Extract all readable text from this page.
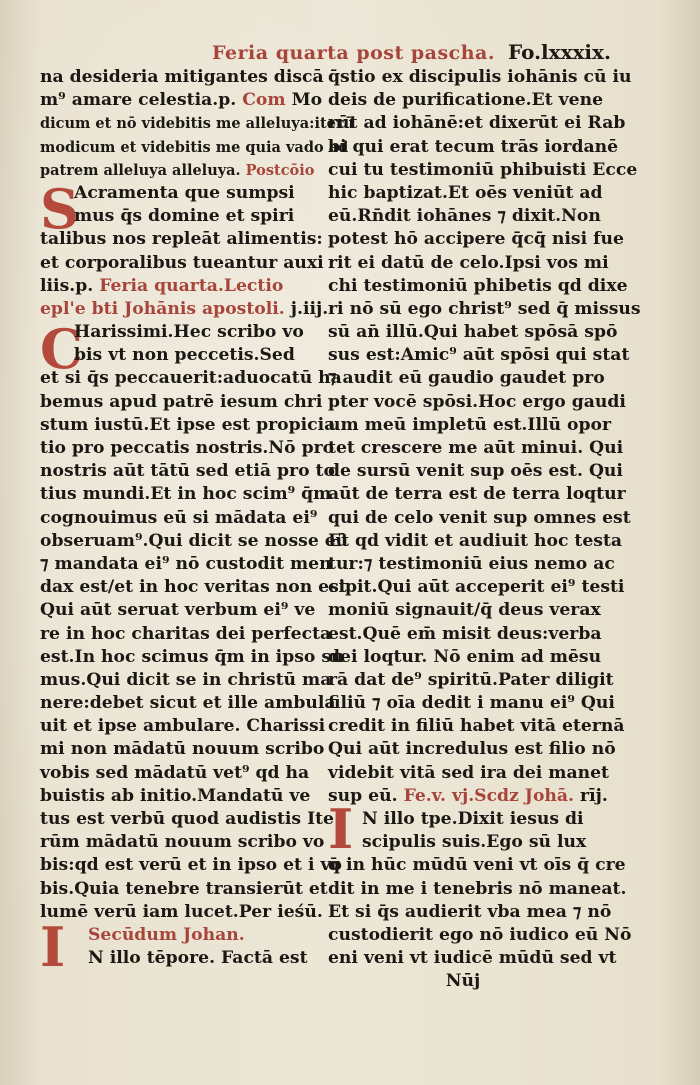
Feria quarta post pascha. Fo.lxxxix.
S
C
I
I
na desideria mitigantes discā
m⁹ amare celestia.p. Com Mo
dicum et nō videbitis me alleluya:iterū
modicum et videbitis me quia vado ad
patrem alleluya alleluya. Postcōio
Acramenta que sumpsi
mus q̄s domine et spiri
talibus nos repleāt alimentis:
et corporalibus tueantur auxi
liis.p. Feria quarta.Lectio
epl'e bti Johānis apostoli. j.iij.
Harissimi.Hec scribo vo
bis vt non peccetis.Sed
et si q̄s peccauerit:aduocatū ha
bemus apud patrē iesum chri
stum iustū.Et ipse est propicia
tio pro peccatis nostris.Nō pro
nostris aūt tātū sed etiā pro to
tius mundi.Et in hoc scim⁹ q̄m
cognouimus eū si mādata ei⁹
obseruam⁹.Qui dicit se nosse eū
⁊ mandata ei⁹ nō custodit men
dax est/et in hoc veritas non est
Qui aūt seruat verbum ei⁹ ve
re in hoc charitas dei perfecta
est.In hoc scimus q̄m in ipso su
mus.Qui dicit se in christū ma
nere:debet sicut et ille ambula
uit et ipse ambulare. Charissi
mi non mādatū nouum scribo
vobis sed mādatū vet⁹ qd ha
buistis ab initio.Mandatū ve
tus est verbū quod audistis Ite
rūm mādatū nouum scribo vo
bis:qd est verū et in ipso et i vo
bis.Quia tenebre transierūt et
lumē verū iam lucet.Per ieśū.
Secūdum Johan.
N illo tēpore. Factā est
q̄stio ex discipulis iohānis cū iu
deis de purificatione.Et vene
rūt ad iohānē:et dixerūt ei Rab
bi qui erat tecum trās iordanē
cui tu testimoniū phibuisti Ecce
hic baptizat.Et oēs veniūt ad
eū.Rn̄dit iohānes ⁊ dixit.Non
potest hō accipere q̄cq̄ nisi fue
rit ei datū de celo.Ipsi vos mi
chi testimoniū phibetis qd dixe
ri nō sū ego christ⁹ sed q̄ missus
sū an̄ illū.Qui habet spōsā spō
sus est:Amic⁹ aūt spōsi qui stat
⁊ audit eū gaudio gaudet pro
pter vocē spōsi.Hoc ergo gaudi
um meū impletū est.Illū opor
tet crescere me aūt minui. Qui
de sursū venit sup oēs est. Qui
aūt de terra est de terra loqtur
qui de celo venit sup omnes est
Et qd vidit et audiuit hoc testa
tur:⁊ testimoniū eius nemo ac
cipit.Qui aūt acceperit ei⁹ testi
moniū signauit/q̄ deus verax
est.Quē em̄ misit deus:verba
dei loqtur. Nō enim ad mēsu
rā dat de⁹ spiritū.Pater diligit
filiū ⁊ oīa dedit i manu ei⁹ Qui
credit in filiū habet vitā eternā
Qui aūt incredulus est filio nō
videbit vitā sed ira dei manet
sup eū. Fe.v. vj.Scdz Johā. rīj.
N illo tpe.Dixit iesus di
scipulis suis.Ego sū lux
q̄ in hūc mūdū veni vt oīs q̄ cre
dit in me i tenebris nō maneat.
Et si q̄s audierit vba mea ⁊ nō
custodierit ego nō iudico eū Nō
eni veni vt iudicē mūdū sed vt
Nūj
